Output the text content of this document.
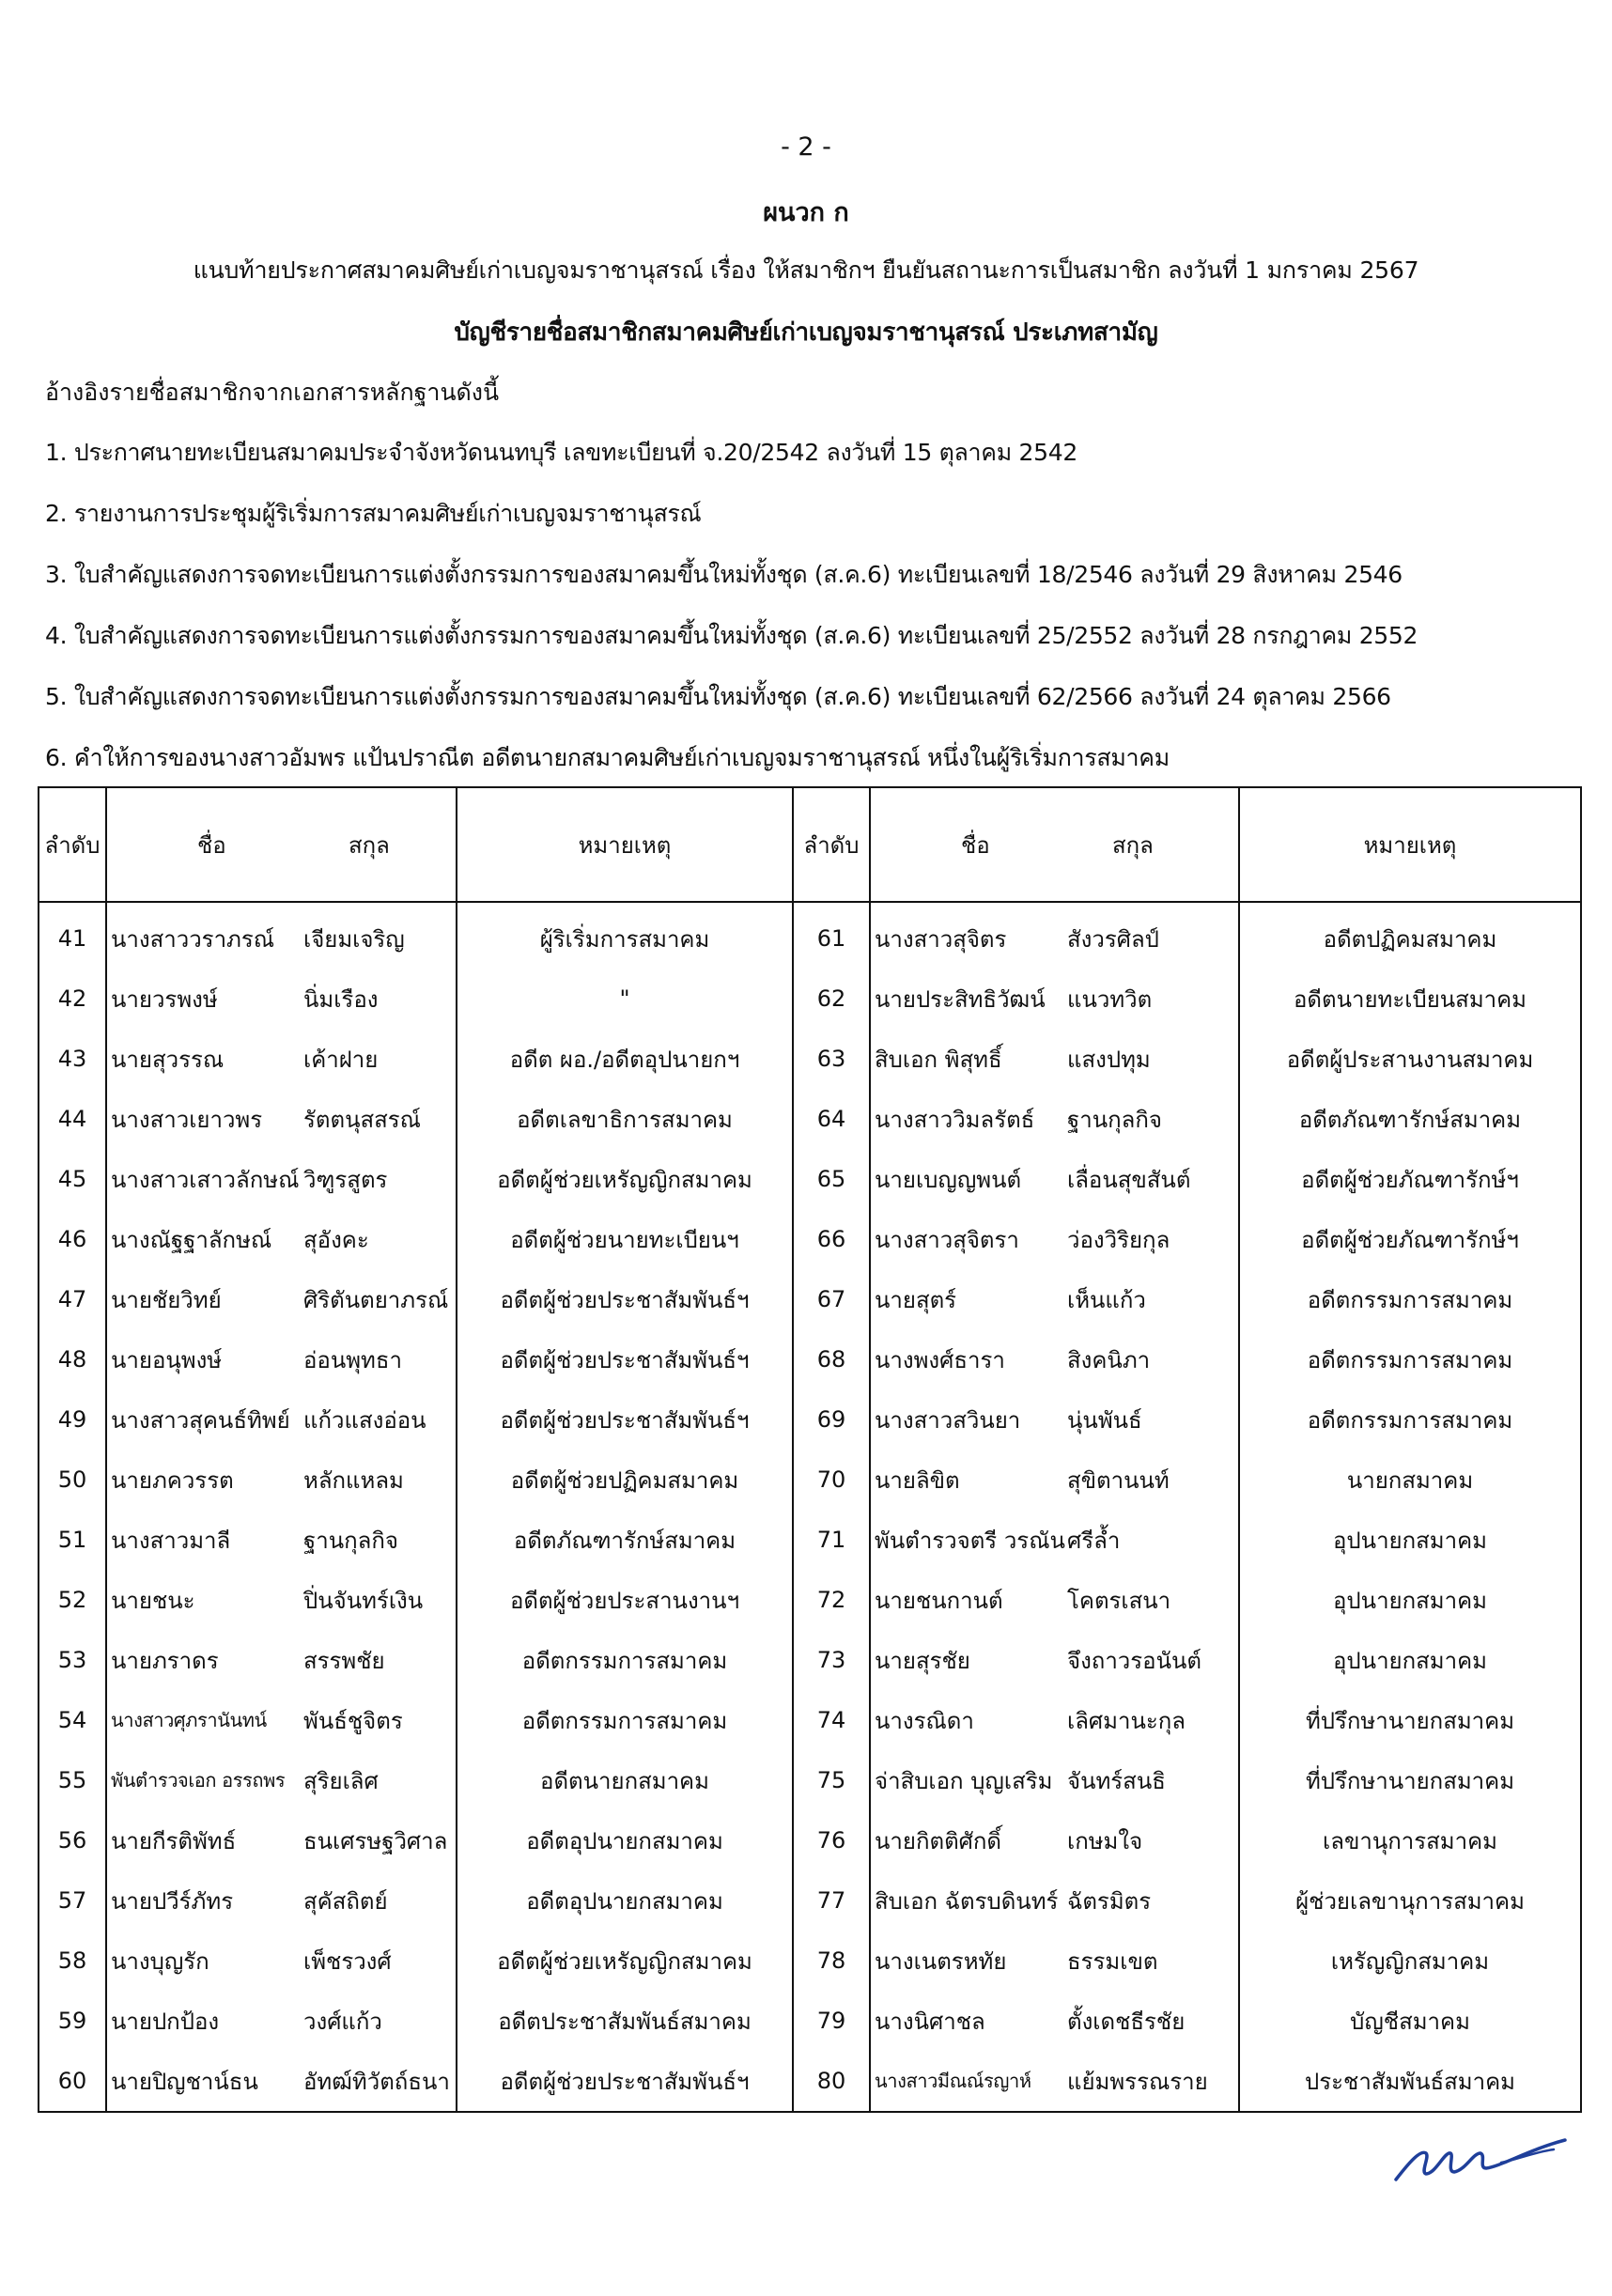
- 2 -
ผนวก ก
แนบท้ายประกาศสมาคมศิษย์เก่าเบญจมราชานุสรณ์ เรื่อง ให้สมาชิกฯ ยืนยันสถานะการเป็นสมาชิก ลงวันที่ 1 มกราคม 2567
บัญชีรายชื่อสมาชิกสมาคมศิษย์เก่าเบญจมราชานุสรณ์ ประเภทสามัญ
อ้างอิงรายชื่อสมาชิกจากเอกสารหลักฐานดังนี้
1. ประกาศนายทะเบียนสมาคมประจำจังหวัดนนทบุรี เลขทะเบียนที่ จ.20/2542 ลงวันที่ 15 ตุลาคม 2542
2. รายงานการประชุมผู้ริเริ่มการสมาคมศิษย์เก่าเบญจมราชานุสรณ์
3. ใบสำคัญแสดงการจดทะเบียนการแต่งตั้งกรรมการของสมาคมขึ้นใหม่ทั้งชุด (ส.ค.6) ทะเบียนเลขที่ 18/2546 ลงวันที่ 29 สิงหาคม 2546
4. ใบสำคัญแสดงการจดทะเบียนการแต่งตั้งกรรมการของสมาคมขึ้นใหม่ทั้งชุด (ส.ค.6) ทะเบียนเลขที่ 25/2552 ลงวันที่ 28 กรกฎาคม 2552
5. ใบสำคัญแสดงการจดทะเบียนการแต่งตั้งกรรมการของสมาคมขึ้นใหม่ทั้งชุด (ส.ค.6) ทะเบียนเลขที่ 62/2566 ลงวันที่ 24 ตุลาคม 2566
6. คำให้การของนางสาวอัมพร แป้นปราณีต อดีตนายกสมาคมศิษย์เก่าเบญจมราชานุสรณ์ หนึ่งในผู้ริเริ่มการสมาคม
ลำดับ	ชื่อ	สกุล	หมายเหตุ	ลำดับ	ชื่อ	สกุล	หมายเหตุ
41	นางสาววราภรณ์	เจียมเจริญ	ผู้ริเริ่มการสมาคม	61	นางสาวสุจิตร	สังวรศิลป์	อดีตปฏิคมสมาคม
42	นายวรพงษ์	นิ่มเรือง	"	62	นายประสิทธิวัฒน์	แนวทวิต	อดีตนายทะเบียนสมาคม
43	นายสุวรรณ	เค้าฝาย	อดีต ผอ./อดีตอุปนายกฯ	63	สิบเอก พิสุทธิ์	แสงปทุม	อดีตผู้ประสานงานสมาคม
44	นางสาวเยาวพร	รัตตนุสสรณ์	อดีตเลขาธิการสมาคม	64	นางสาววิมลรัตธ์	ฐานกุลกิจ	อดีตภัณฑารักษ์สมาคม
45	นางสาวเสาวลักษณ์	วิฑูรสูตร	อดีตผู้ช่วยเหรัญญิกสมาคม	65	นายเบญญพนต์	เลื่อนสุขสันต์	อดีตผู้ช่วยภัณฑารักษ์ฯ
46	นางณัฐฐาลักษณ์	สุอังคะ	อดีตผู้ช่วยนายทะเบียนฯ	66	นางสาวสุจิตรา	ว่องวิริยกุล	อดีตผู้ช่วยภัณฑารักษ์ฯ
47	นายชัยวิทย์	ศิริตันตยาภรณ์	อดีตผู้ช่วยประชาสัมพันธ์ฯ	67	นายสุตร์	เห็นแก้ว	อดีตกรรมการสมาคม
48	นายอนุพงษ์	อ่อนพุทธา	อดีตผู้ช่วยประชาสัมพันธ์ฯ	68	นางพงศ์ธารา	สิงคนิภา	อดีตกรรมการสมาคม
49	นางสาวสุคนธ์ทิพย์	แก้วแสงอ่อน	อดีตผู้ช่วยประชาสัมพันธ์ฯ	69	นางสาวสวินยา	นุ่นพันธ์	อดีตกรรมการสมาคม
50	นายภควรรต	หลักแหลม	อดีตผู้ช่วยปฏิคมสมาคม	70	นายลิขิต	สุขิตานนท์	นายกสมาคม
51	นางสาวมาลี	ฐานกุลกิจ	อดีตภัณฑารักษ์สมาคม	71	พันตำรวจตรี วรณัน	ศรีล้ำ	อุปนายกสมาคม
52	นายชนะ	ปิ่นจันทร์เงิน	อดีตผู้ช่วยประสานงานฯ	72	นายชนกานต์	โคตรเสนา	อุปนายกสมาคม
53	นายภราดร	สรรพชัย	อดีตกรรมการสมาคม	73	นายสุรชัย	จึงถาวรอนันต์	อุปนายกสมาคม
54	นางสาวศุภรานันทน์	พันธ์ชูจิตร	อดีตกรรมการสมาคม	74	นางรณิดา	เลิศมานะกุล	ที่ปรึกษานายกสมาคม
55	พันตำรวจเอก อรรถพร	สุริยเลิศ	อดีตนายกสมาคม	75	จ่าสิบเอก บุญเสริม	จันทร์สนธิ	ที่ปรึกษานายกสมาคม
56	นายกีรติพัทธ์	ธนเศรษฐวิศาล	อดีตอุปนายกสมาคม	76	นายกิตติศักดิ์	เกษมใจ	เลขานุการสมาคม
57	นายปวีร์ภัทร	สุคัสถิตย์	อดีตอุปนายกสมาคม	77	สิบเอก ฉัตรบดินทร์	ฉัตรมิตร	ผู้ช่วยเลขานุการสมาคม
58	นางบุญรัก	เพ็ชรวงศ์	อดีตผู้ช่วยเหรัญญิกสมาคม	78	นางเนตรหทัย	ธรรมเขต	เหรัญญิกสมาคม
59	นายปกป้อง	วงศ์แก้ว	อดีตประชาสัมพันธ์สมาคม	79	นางนิศาชล	ตั้งเดชธีรชัย	บัญชีสมาคม
60	นายปิญชาน์ธน	อัทฒ์ทิวัตถ์ธนา	อดีตผู้ช่วยประชาสัมพันธ์ฯ	80	นางสาวมีณณ์รญาห์	แย้มพรรณราย	ประชาสัมพันธ์สมาคม
